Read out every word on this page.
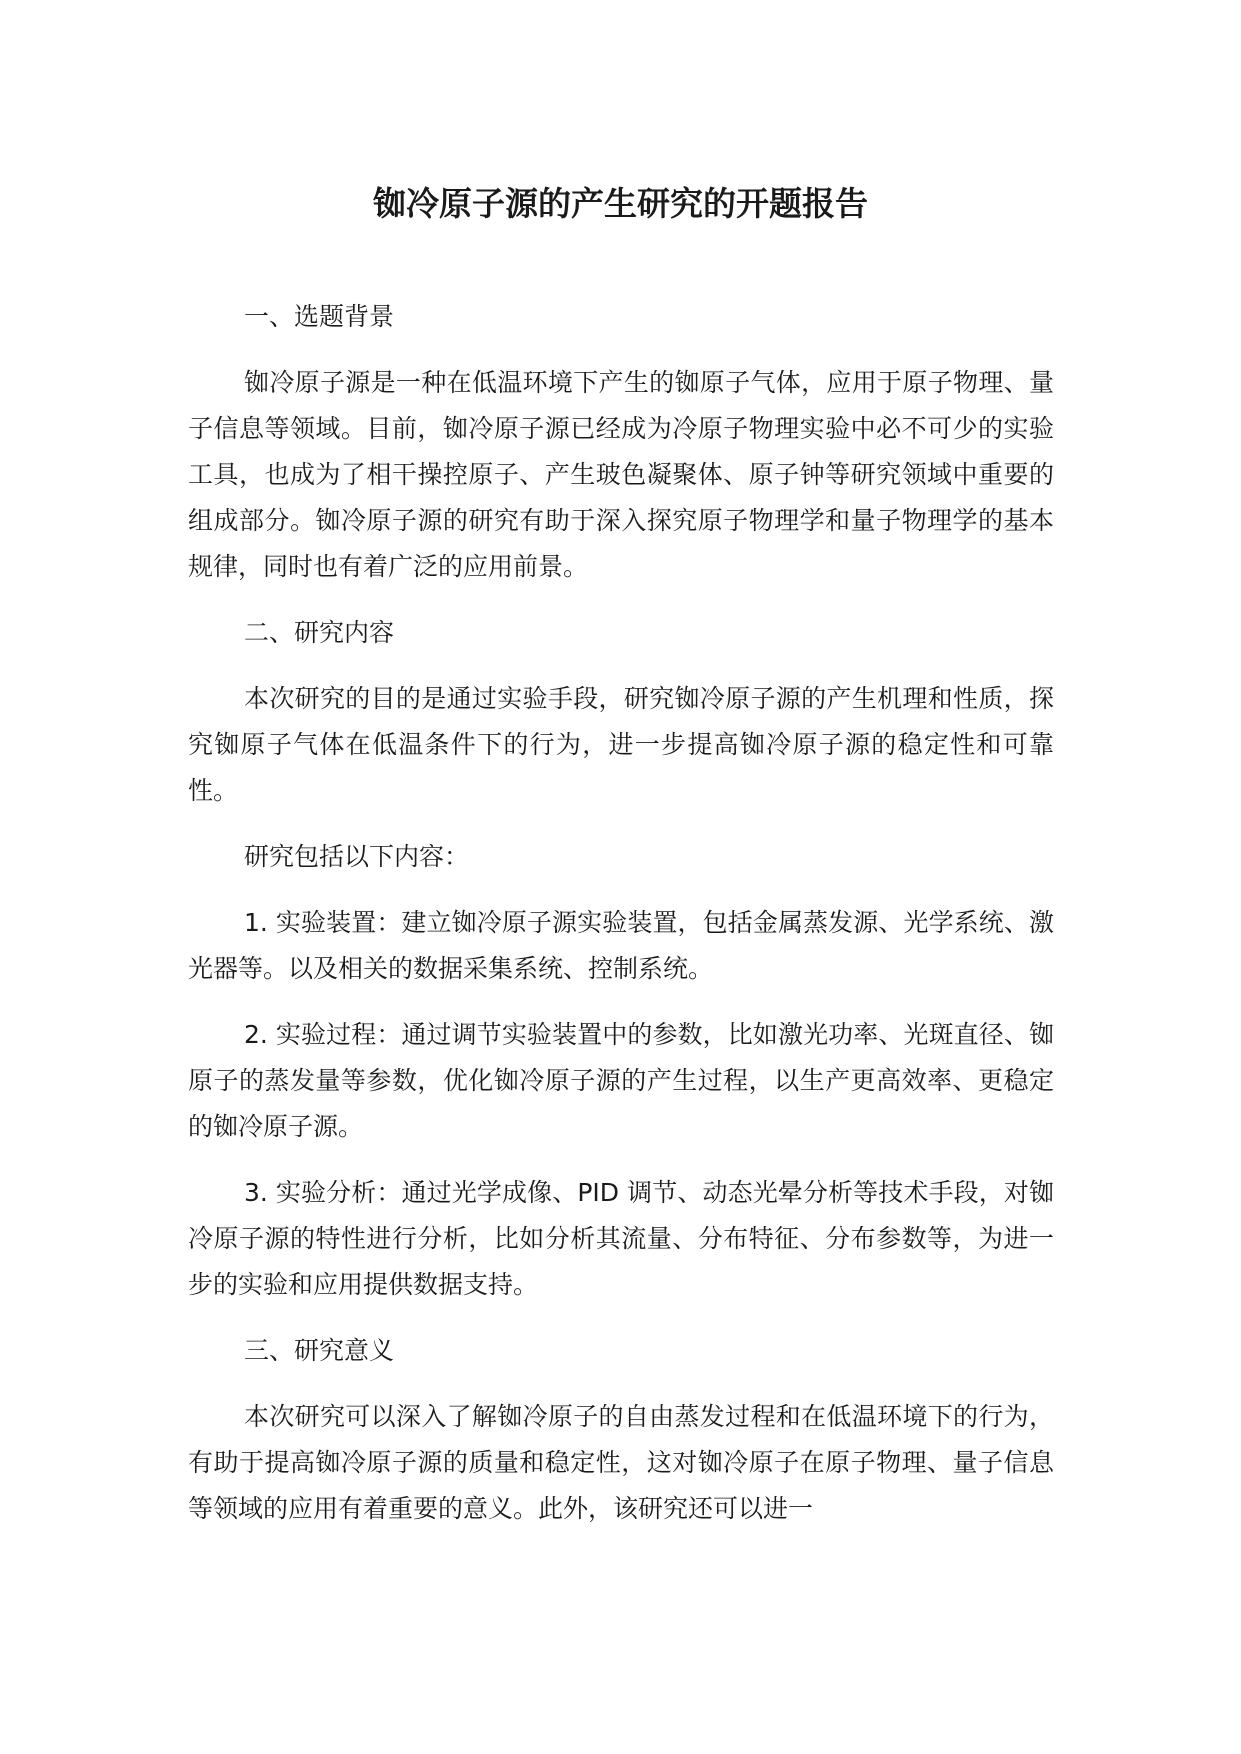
铷冷原子源的产生研究的开题报告
一、选题背景

铷冷原子源是一种在低温环境下产生的铷原子气体，应用于原子物理、量子信息等领域。目前，铷冷原子源已经成为冷原子物理实验中必不可少的实验工具，也成为了相干操控原子、产生玻色凝聚体、原子钟等研究领域中重要的组成部分。铷冷原子源的研究有助于深入探究原子物理学和量子物理学的基本规律，同时也有着广泛的应用前景。

二、研究内容

本次研究的目的是通过实验手段，研究铷冷原子源的产生机理和性质，探究铷原子气体在低温条件下的行为，进一步提高铷冷原子源的稳定性和可靠性。

研究包括以下内容：

1. 实验装置：建立铷冷原子源实验装置，包括金属蒸发源、光学系统、激光器等。以及相关的数据采集系统、控制系统。

2. 实验过程：通过调节实验装置中的参数，比如激光功率、光斑直径、铷原子的蒸发量等参数，优化铷冷原子源的产生过程，以生产更高效率、更稳定的铷冷原子源。

3. 实验分析：通过光学成像、PID 调节、动态光晕分析等技术手段，对铷冷原子源的特性进行分析，比如分析其流量、分布特征、分布参数等，为进一步的实验和应用提供数据支持。

三、研究意义

本次研究可以深入了解铷冷原子的自由蒸发过程和在低温环境下的行为，有助于提高铷冷原子源的质量和稳定性，这对铷冷原子在原子物理、量子信息等领域的应用有着重要的意义。此外，该研究还可以进一
